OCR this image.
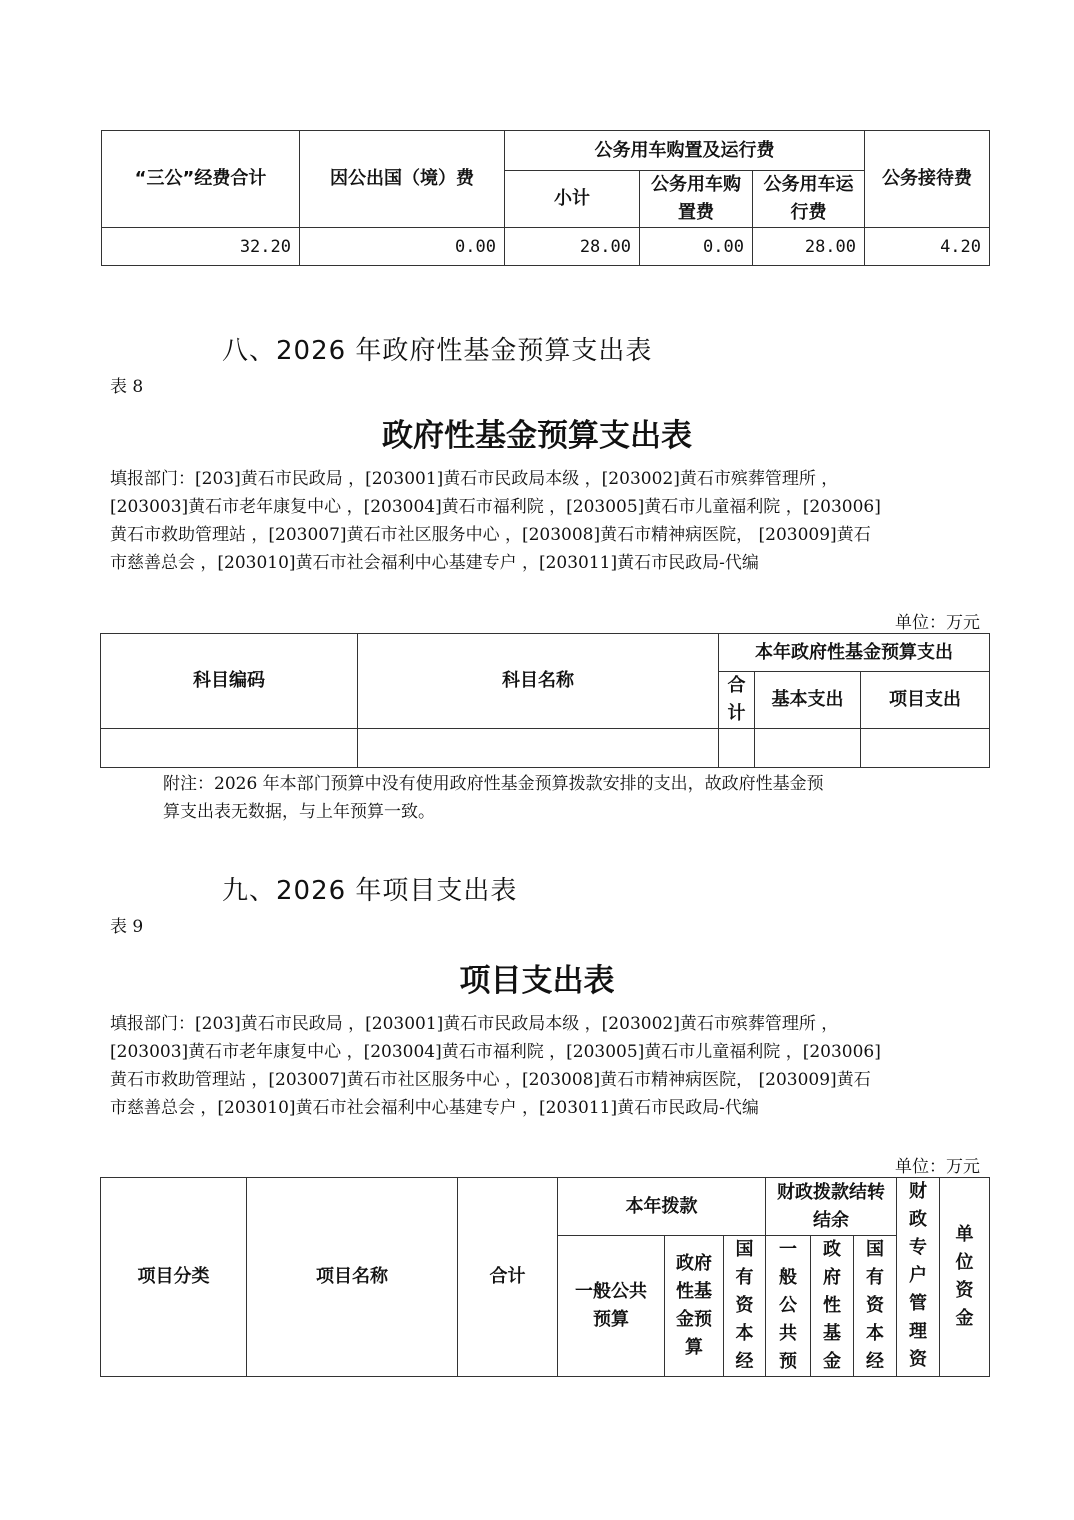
“三公”经费合计	因公出国（境）费	公务用车购置及运行费			公务接待费
		小计	公务用车购置费	公务用车运行费	
32.20	0.00	28.00	0.00	28.00	4.20
八、2026 年政府性基金预算支出表
表 8
政府性基金预算支出表
填报部门：[203]黄石市民政局 ，[203001]黄石市民政局本级 ，[203002]黄石市殡葬管理所 ，
[203003]黄石市老年康复中心 ，[203004]黄石市福利院 ，[203005]黄石市儿童福利院 ，[203006]
黄石市救助管理站 ，[203007]黄石市社区服务中心 ，[203008]黄石市精神病医院， [203009]黄石
市慈善总会 ，[203010]黄石市社会福利中心基建专户 ，[203011]黄石市民政局-代编
单位：万元
科目编码	科目名称	本年政府性基金预算支出		

		合计	基本支出	项目支出

附注：2026 年本部门预算中没有使用政府性基金预算拨款安排的支出，故政府性基金预
算支出表无数据，与上年预算一致。
九、2026 年项目支出表
表 9
项目支出表
填报部门：[203]黄石市民政局 ，[203001]黄石市民政局本级 ，[203002]黄石市殡葬管理所 ，
[203003]黄石市老年康复中心 ，[203004]黄石市福利院 ，[203005]黄石市儿童福利院 ，[203006]
黄石市救助管理站 ，[203007]黄石市社区服务中心 ，[203008]黄石市精神病医院， [203009]黄石
市慈善总会 ，[203010]黄石市社会福利中心基建专户 ，[203011]黄石市民政局-代编
单位：万元
项目分类	项目名称	合计	本年拨款			财政拨款结转结余			财政专户管理资	单位资金

			一般公共预算	政府性基金预算	国有资本经	一般公共预	政府性基金	国有资本经		
